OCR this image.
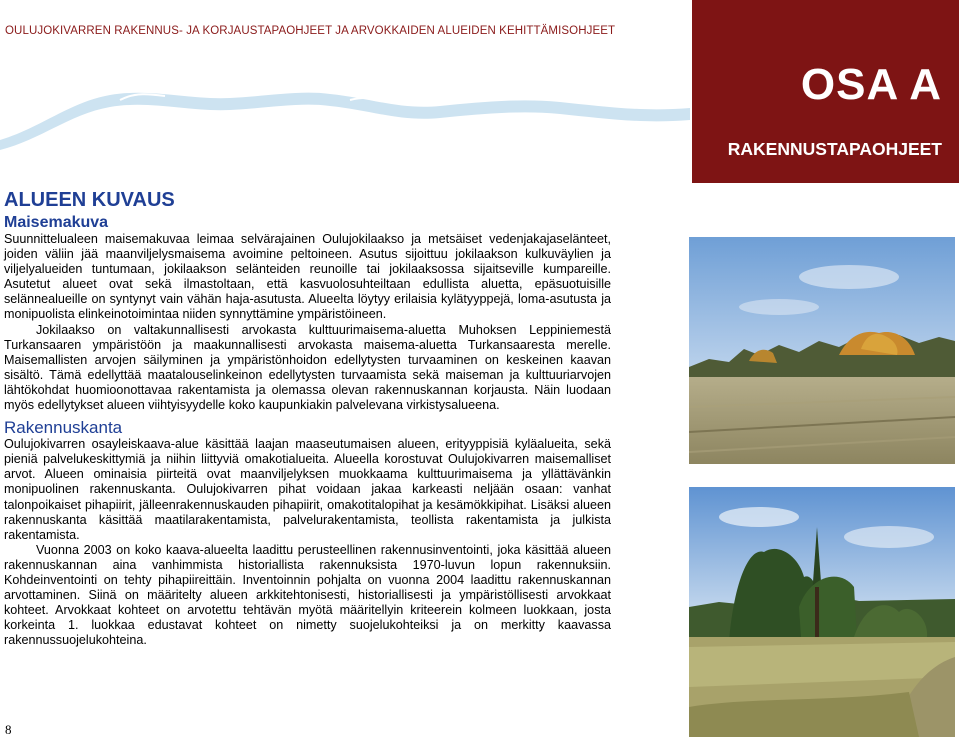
OULUJOKIVARREN RAKENNUS- JA KORJAUSTAPAOHJEET JA ARVOKKAIDEN ALUEIDEN KEHITTÄMISOHJEET
OSA A
RAKENNUSTAPAOHJEET
ALUEEN KUVAUS
Maisemakuva

Suunnittelualeen maisemakuvaa leimaa selvärajainen Oulujokilaakso ja metsäiset vedenjakajaselänteet, joiden väliin jää maanviljelysmaisema avoimine peltoineen. Asutus sijoittuu jokilaakson kulkuväylien ja viljelyalueiden tuntumaan, jokilaakson selänteiden reunoille tai jokilaaksossa sijaitseville kumpareille. Asutetut alueet ovat sekä ilmastoltaan, että kasvuolosuhteiltaan edullista aluetta, epäsuotuisille selännealueille on syntynyt vain vähän haja-asutusta. Alueelta löytyy erilaisia kylätyyppejä, loma-asutusta ja monipuolista elinkeinotoimintaa niiden synnyttämine ympäristöineen.

Jokilaakso on valtakunnallisesti arvokasta kulttuurimaisema-aluetta Muhoksen Leppiniemestä Turkansaaren ympäristöön ja maakunnallisesti arvokasta maisema-aluetta Turkansaaresta merelle. Maisemallisten arvojen säilyminen ja ympäristönhoidon edellytysten turvaaminen on keskeinen kaavan sisältö. Tämä edellyttää maatalouselinkeinon edellytysten turvaamista sekä maiseman ja kulttuuriarvojen lähtökohdat huomioonottavaa rakentamista ja olemassa olevan rakennuskannan korjausta. Näin luodaan myös edellytykset alueen viihtyisyydelle koko kaupunkiakin palvelevana virkistysalueena.

Rakennuskanta

Oulujokivarren osayleiskaava-alue käsittää laajan maaseutumaisen alueen, erityyppisiä kyläalueita, sekä pieniä palvelukeskittymiä ja niihin liittyviä omakotialueita. Alueella korostuvat Oulujokivarren maisemalliset arvot. Alueen ominaisia piirteitä ovat maanviljelyksen muokkaama kulttuurimaisema ja yllättävänkin monipuolinen rakennuskanta. Oulujokivarren pihat voidaan jakaa karkeasti neljään osaan: vanhat talonpoikaiset pihapiirit, jälleenrakennuskauden pihapiirit, omakotitalopihat ja kesämökkipihat. Lisäksi alueen rakennuskanta käsittää maatilarakentamista, palvelurakentamista, teollista rakentamista ja julkista rakentamista.

Vuonna 2003 on koko kaava-alueelta laadittu perusteellinen rakennusinventointi, joka käsittää alueen rakennuskannan aina vanhimmista historiallista rakennuksista 1970-luvun lopun rakennuksiin. Kohdeinventointi on tehty pihapiireittäin. Inventoinnin pohjalta on vuonna 2004 laadittu rakennuskannan arvottaminen. Siinä on määritelty alueen arkkitehtonisesti, historiallisesti ja ympäristöllisesti arvokkaat kohteet. Arvokkaat kohteet on arvotettu tehtävän myötä määritellyin kriteerein kolmeen luokkaan, josta korkeinta 1. luokkaa edustavat kohteet on nimetty suojelukohteiksi ja on merkitty kaavassa rakennussuojelukohteina.

8
